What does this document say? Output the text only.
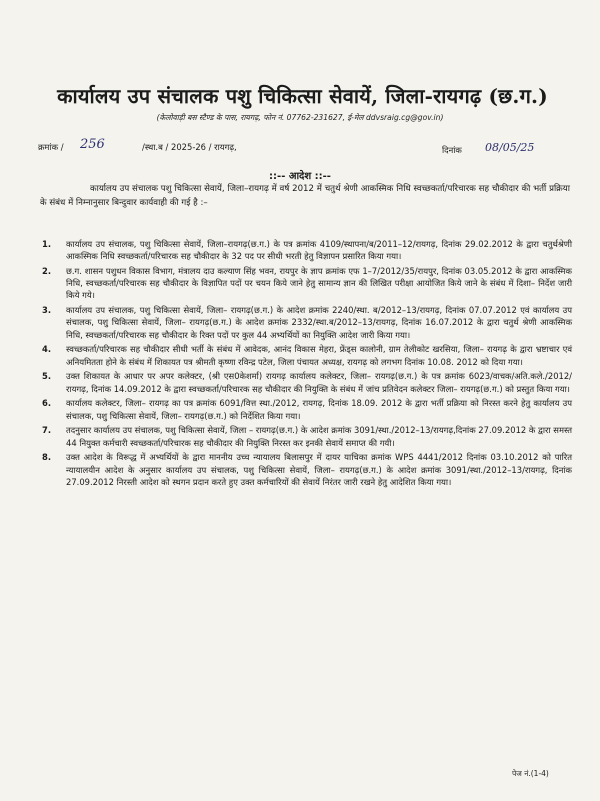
कार्यालय उप संचालक पशु चिकित्सा सेवायें, जिला-रायगढ़ (छ.ग.)
(केलोवाड़ी बस स्टैण्ड के पास, रायगढ़, फोन नं. 07762-231627, ई-मेल ddvsraig.cg@gov.in)
क्रमांक / 256	/स्था.ब / 2025-26 / रायगढ़,	दिनांक 08/05/25
::-- आदेश ::--
कार्यालय उप संचालक पशु चिकित्सा सेवायें, जिला–रायगढ़ में वर्ष 2012 में चतुर्थ श्रेणी आकस्मिक निधि स्वच्छकर्ता/परिचारक सह चौकीदार की भर्ती प्रक्रिया के संबंध में निम्नानुसार बिन्दुवार कार्यवाही की गई है :–
1. कार्यालय उप संचालक, पशु चिकित्सा सेवायें, जिला–रायगढ़(छ.ग.) के पत्र क्रमांक 4109/स्थापना/ब/2011–12/रायगढ़, दिनांक 29.02.2012 के द्वारा चतुर्थश्रेणी आकस्मिक निधि स्वच्छकर्ता/परिचारक सह चौकीदार के 32 पद पर सीधी भरती हेतु विज्ञापन प्रसारित किया गया।
2. छ.ग. शासन पशुधन विकास विभाग, मंत्रालय दाउ कल्याण सिंह भवन, रायपुर के ज्ञाप क्रमांक एफ 1–7/2012/35/रायपुर, दिनांक 03.05.2012 के द्वारा आकस्मिक निधि, स्वच्छकर्ता/परिचारक सह चौकीदार के विज्ञापित पदों पर चयन किये जाने हेतु सामान्य ज्ञान की लिखित परीक्षा आयोजित किये जाने के संबंध में दिशा– निर्देश जारी किये गये।
3. कार्यालय उप संचालक, पशु चिकित्सा सेवायें, जिला– रायगढ़(छ.ग.) के आदेश क्रमांक 2240/स्था. ब/2012–13/रायगढ़, दिनांक 07.07.2012 एवं कार्यालय उप संचालक, पशु चिकित्सा सेवायें, जिला– रायगढ़(छ.ग.) के आदेश क्रमांक 2332/स्था.ब/2012–13/रायगढ़, दिनांक 16.07.2012 के द्वारा चतुर्थ श्रेणी आकस्मिक निधि, स्वच्छकर्ता/परिचारक सह चौकीदार के रिक्त पदों पर कुल 44 अभ्यर्थियों का नियुक्ति आदेश जारी किया गया।
4. स्वच्छकर्ता/परिचारक सह चौकीदार सीधी भर्ती के संबंध में आवेदक, आनंद विकास मेहरा, फ्रेंड्स कालोनी, ग्राम तेलीकोट खरसिया, जिला– रायगढ़ के द्वारा भ्रष्टाचार एवं अनियमितता होने के संबंध में शिकायत पत्र श्रीमती कृष्णा रविन्द्र पटेल, जिला पंचायत अध्यक्ष, रायगढ़ को लगभग दिनांक 10.08. 2012 को दिया गया।
5. उक्त शिकायत के आधार पर अपर कलेक्टर, (श्री एस0केशर्मा) रायगढ़ कार्यालय कलेक्टर, जिला– रायगढ़(छ.ग.) के पत्र क्रमांक 6023/वाचक/अति.कले./2012/रायगढ़, दिनांक 14.09.2012 के द्वारा स्वच्छकर्ता/परिचारक सह चौकीदार की नियुक्ति के संबंध में जांच प्रतिवेदन कलेक्टर जिला– रायगढ़(छ.ग.) को प्रस्तुत किया गया।
6. कार्यालय कलेक्टर, जिला– रायगढ़ का पत्र क्रमांक 6091/वित्त स्था./2012, रायगढ़, दिनांक 18.09. 2012 के द्वारा भर्ती प्रक्रिया को निरस्त करने हेतु कार्यालय उप संचालक, पशु चिकित्सा सेवायें, जिला– रायगढ़(छ.ग.) को निर्देशित किया गया।
7. तदनुसार कार्यालय उप संचालक, पशु चिकित्सा सेवायें, जिला – रायगढ़(छ.ग.) के आदेश क्रमांक 3091/स्था./2012–13/रायगढ़,दिनांक 27.09.2012 के द्वारा समस्त 44 नियुक्त कर्मचारी स्वच्छकर्ता/परिचारक सह चौकीदार की नियुक्ति निरस्त कर इनकी सेवायें समाप्त की गयी।
8. उक्त आदेश के विरूद्ध में अभ्यर्थियों के द्वारा माननीय उच्च न्यायालय बिलासपुर में दायर याचिका क्रमांक WPS 4441/2012 दिनांक 03.10.2012 को पारित न्यायालयीन आदेश के अनुसार कार्यालय उप संचालक, पशु चिकित्सा सेवायें, जिला– रायगढ़(छ.ग.) के आदेश क्रमांक 3091/स्था./2012–13/रायगढ़, दिनांक 27.09.2012 निरस्ती आदेश को स्थगन प्रदान करते हुए उक्त कर्मचारियों की सेवायें निरंतर जारी रखने हेतु आदेशित किया गया।
पेज नं.(1-4)
